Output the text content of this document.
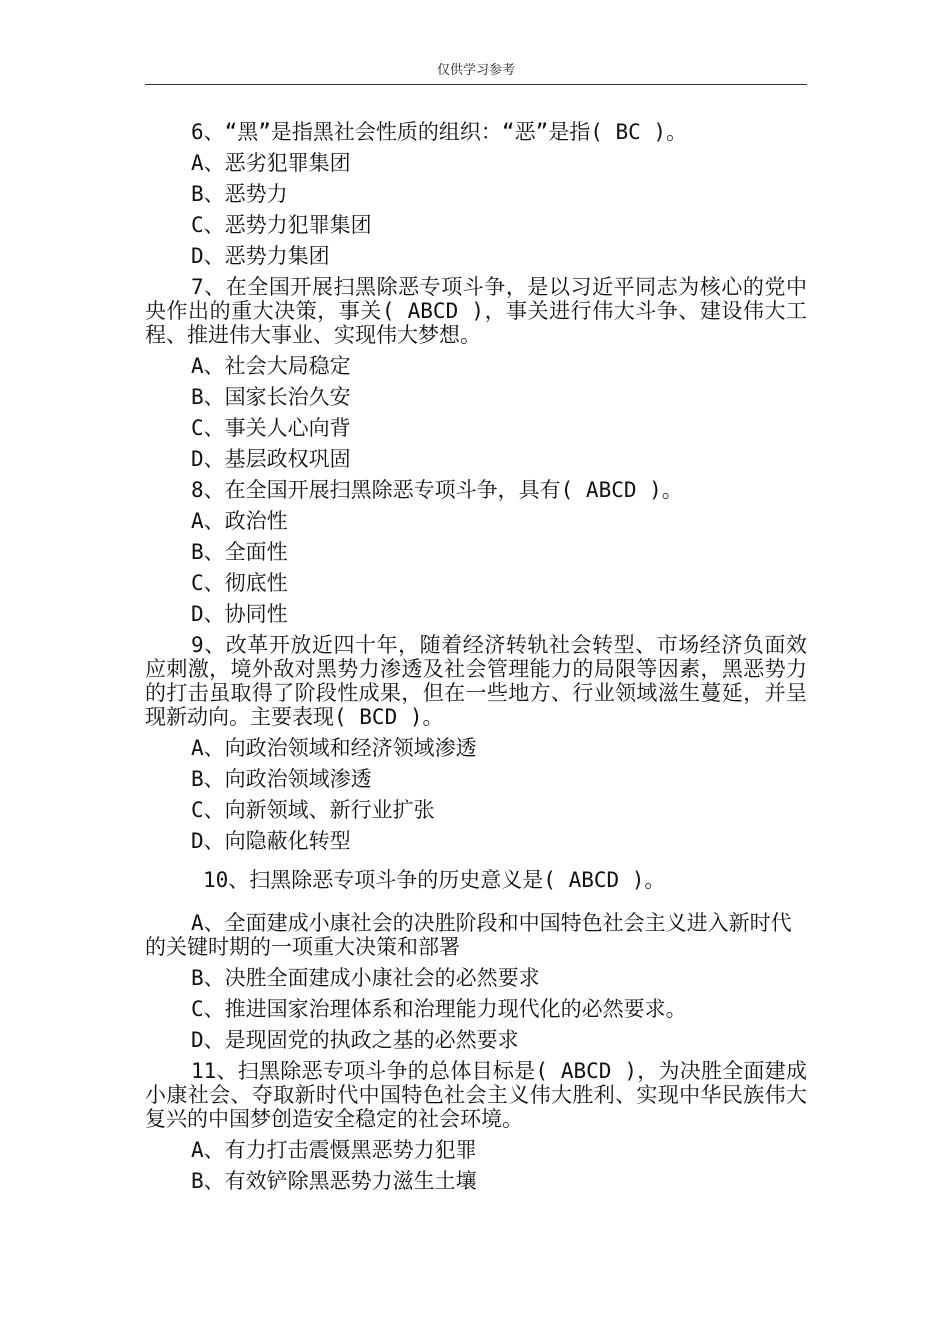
仅供学习参考

6、“黑”是指黑社会性质的组织：“恶”是指( BC )。

A、恶劣犯罪集团

B、恶势力

C、恶势力犯罪集团

D、恶势力集团

7、在全国开展扫黑除恶专项斗争，是以习近平同志为核心的党中央作出的重大决策，事关( ABCD )，事关进行伟大斗争、建设伟大工程、推进伟大事业、实现伟大梦想。

A、社会大局稳定

B、国家长治久安

C、事关人心向背

D、基层政权巩固

8、在全国开展扫黑除恶专项斗争，具有( ABCD )。

A、政治性

B、全面性

C、彻底性

D、协同性

9、改革开放近四十年，随着经济转轨社会转型、市场经济负面效应刺激，境外敌对黑势力渗透及社会管理能力的局限等因素，黑恶势力的打击虽取得了阶段性成果，但在一些地方、行业领域滋生蔓延，并呈现新动向。主要表现( BCD )。

A、向政治领域和经济领域渗透

B、向政治领域渗透

C、向新领域、新行业扩张

D、向隐蔽化转型

10、扫黑除恶专项斗争的历史意义是( ABCD )。

A、全面建成小康社会的决胜阶段和中国特色社会主义进入新时代的关键时期的一项重大决策和部署

B、决胜全面建成小康社会的必然要求

C、推进国家治理体系和治理能力现代化的必然要求。

D、是现固党的执政之基的必然要求

11、扫黑除恶专项斗争的总体目标是( ABCD )，为决胜全面建成小康社会、夺取新时代中国特色社会主义伟大胜利、实现中华民族伟大复兴的中国梦创造安全稳定的社会环境。

A、有力打击震慑黑恶势力犯罪

B、有效铲除黑恶势力滋生土壤
